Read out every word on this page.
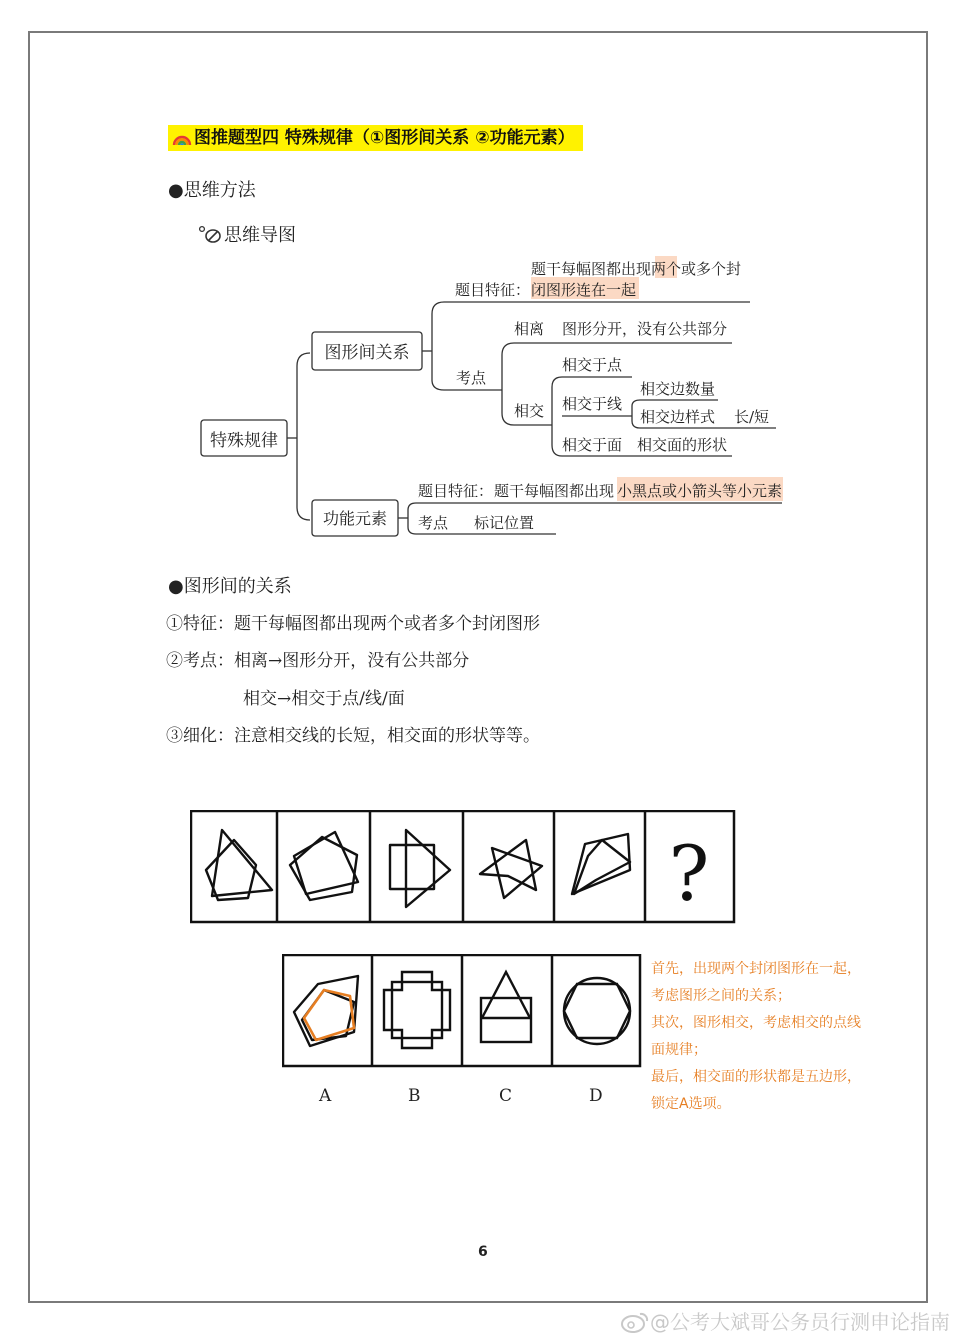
图推题型四 特殊规律（①图形间关系 ②功能元素）
●思维方法
思维导图
特殊规律
图形间关系
题目特征：
题干每幅图都出现两个或多个封
闭图形连在一起
考点
相离 图形分开，没有公共部分
相交
相交于点
相交于线
相交边数量
相交边样式 长/短
相交于面 相交面的形状
功能元素
题目特征： 题干每幅图都出现 小黑点或小箭头等小元素
考点 标记位置
●图形间的关系
①特征：题干每幅图都出现两个或者多个封闭图形
②考点：相离→图形分开，没有公共部分
相交→相交于点/线/面
③细化：注意相交线的长短，相交面的形状等等。
?
A	B	C	D
首先，出现两个封闭图形在一起，
考虑图形之间的关系；
其次，图形相交，考虑相交的点线
面规律；
最后，相交面的形状都是五边形，
锁定A选项。
6
@公考大斌哥公务员行测申论指南
